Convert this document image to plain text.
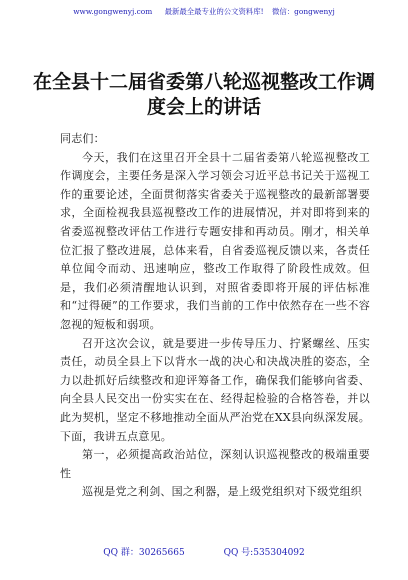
www.gongwenyj.com 最新最全最专业的公文资料库! 微信：gongwenyj
在全县十二届省委第八轮巡视整改工作调
度会上的讲话

同志们：

今天，我们在这里召开全县十二届省委第八轮巡视整改工作调度会，主要任务是深入学习领会习近平总书记关于巡视工作的重要论述，全面贯彻落实省委关于巡视整改的最新部署要求，全面检视我县巡视整改工作的进展情况，并对即将到来的省委巡视整改评估工作进行专题安排和再动员。刚才，相关单位汇报了整改进展，总体来看，自省委巡视反馈以来，各责任单位闻令而动、迅速响应，整改工作取得了阶段性成效。但是，我们必须清醒地认识到，对照省委即将开展的评估标准和“过得硬”的工作要求，我们当前的工作中依然存在一些不容忽视的短板和弱项。

召开这次会议，就是要进一步传导压力、拧紧螺丝、压实责任，动员全县上下以背水一战的决心和决战决胜的姿态，全力以赴抓好后续整改和迎评筹备工作，确保我们能够向省委、向全县人民交出一份实实在在、经得起检验的合格答卷，并以此为契机，坚定不移地推动全面从严治党在XX县向纵深发展。下面，我讲五点意见。

第一，必须提高政治站位，深刻认识巡视整改的极端重要性

巡视是党之利剑、国之利器，是上级党组织对下级党组织

QQ 群：30265665	QQ 号:535304092
